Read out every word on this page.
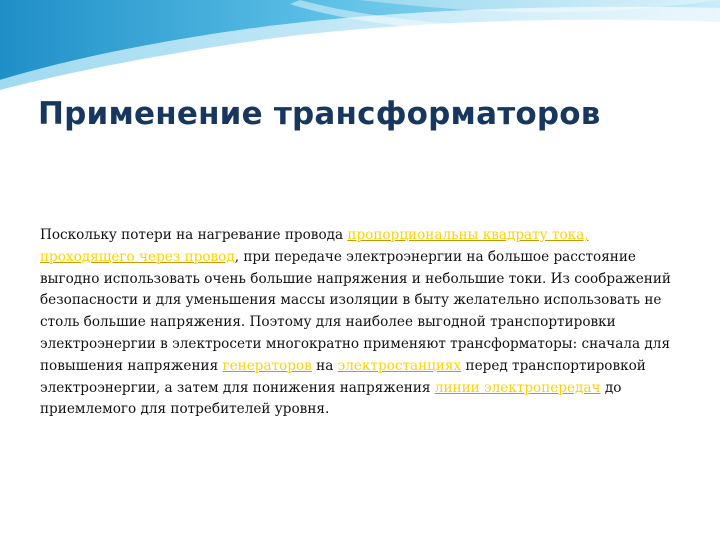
Применение трансформаторов
Поскольку потери на нагревание провода пропорциональны квадрату тока, проходящего через провод, при передаче электроэнергии на большое расстояние выгодно использовать очень большие напряжения и небольшие токи. Из соображений безопасности и для уменьшения массы изоляции в быту желательно использовать не столь большие напряжения. Поэтому для наиболее выгодной транспортировки электроэнергии в электросети многократно применяют трансформаторы: сначала для повышения напряжения генераторов на электростанциях перед транспортировкой электроэнергии, а затем для понижения напряжения линии электропередач до приемлемого для потребителей уровня.
